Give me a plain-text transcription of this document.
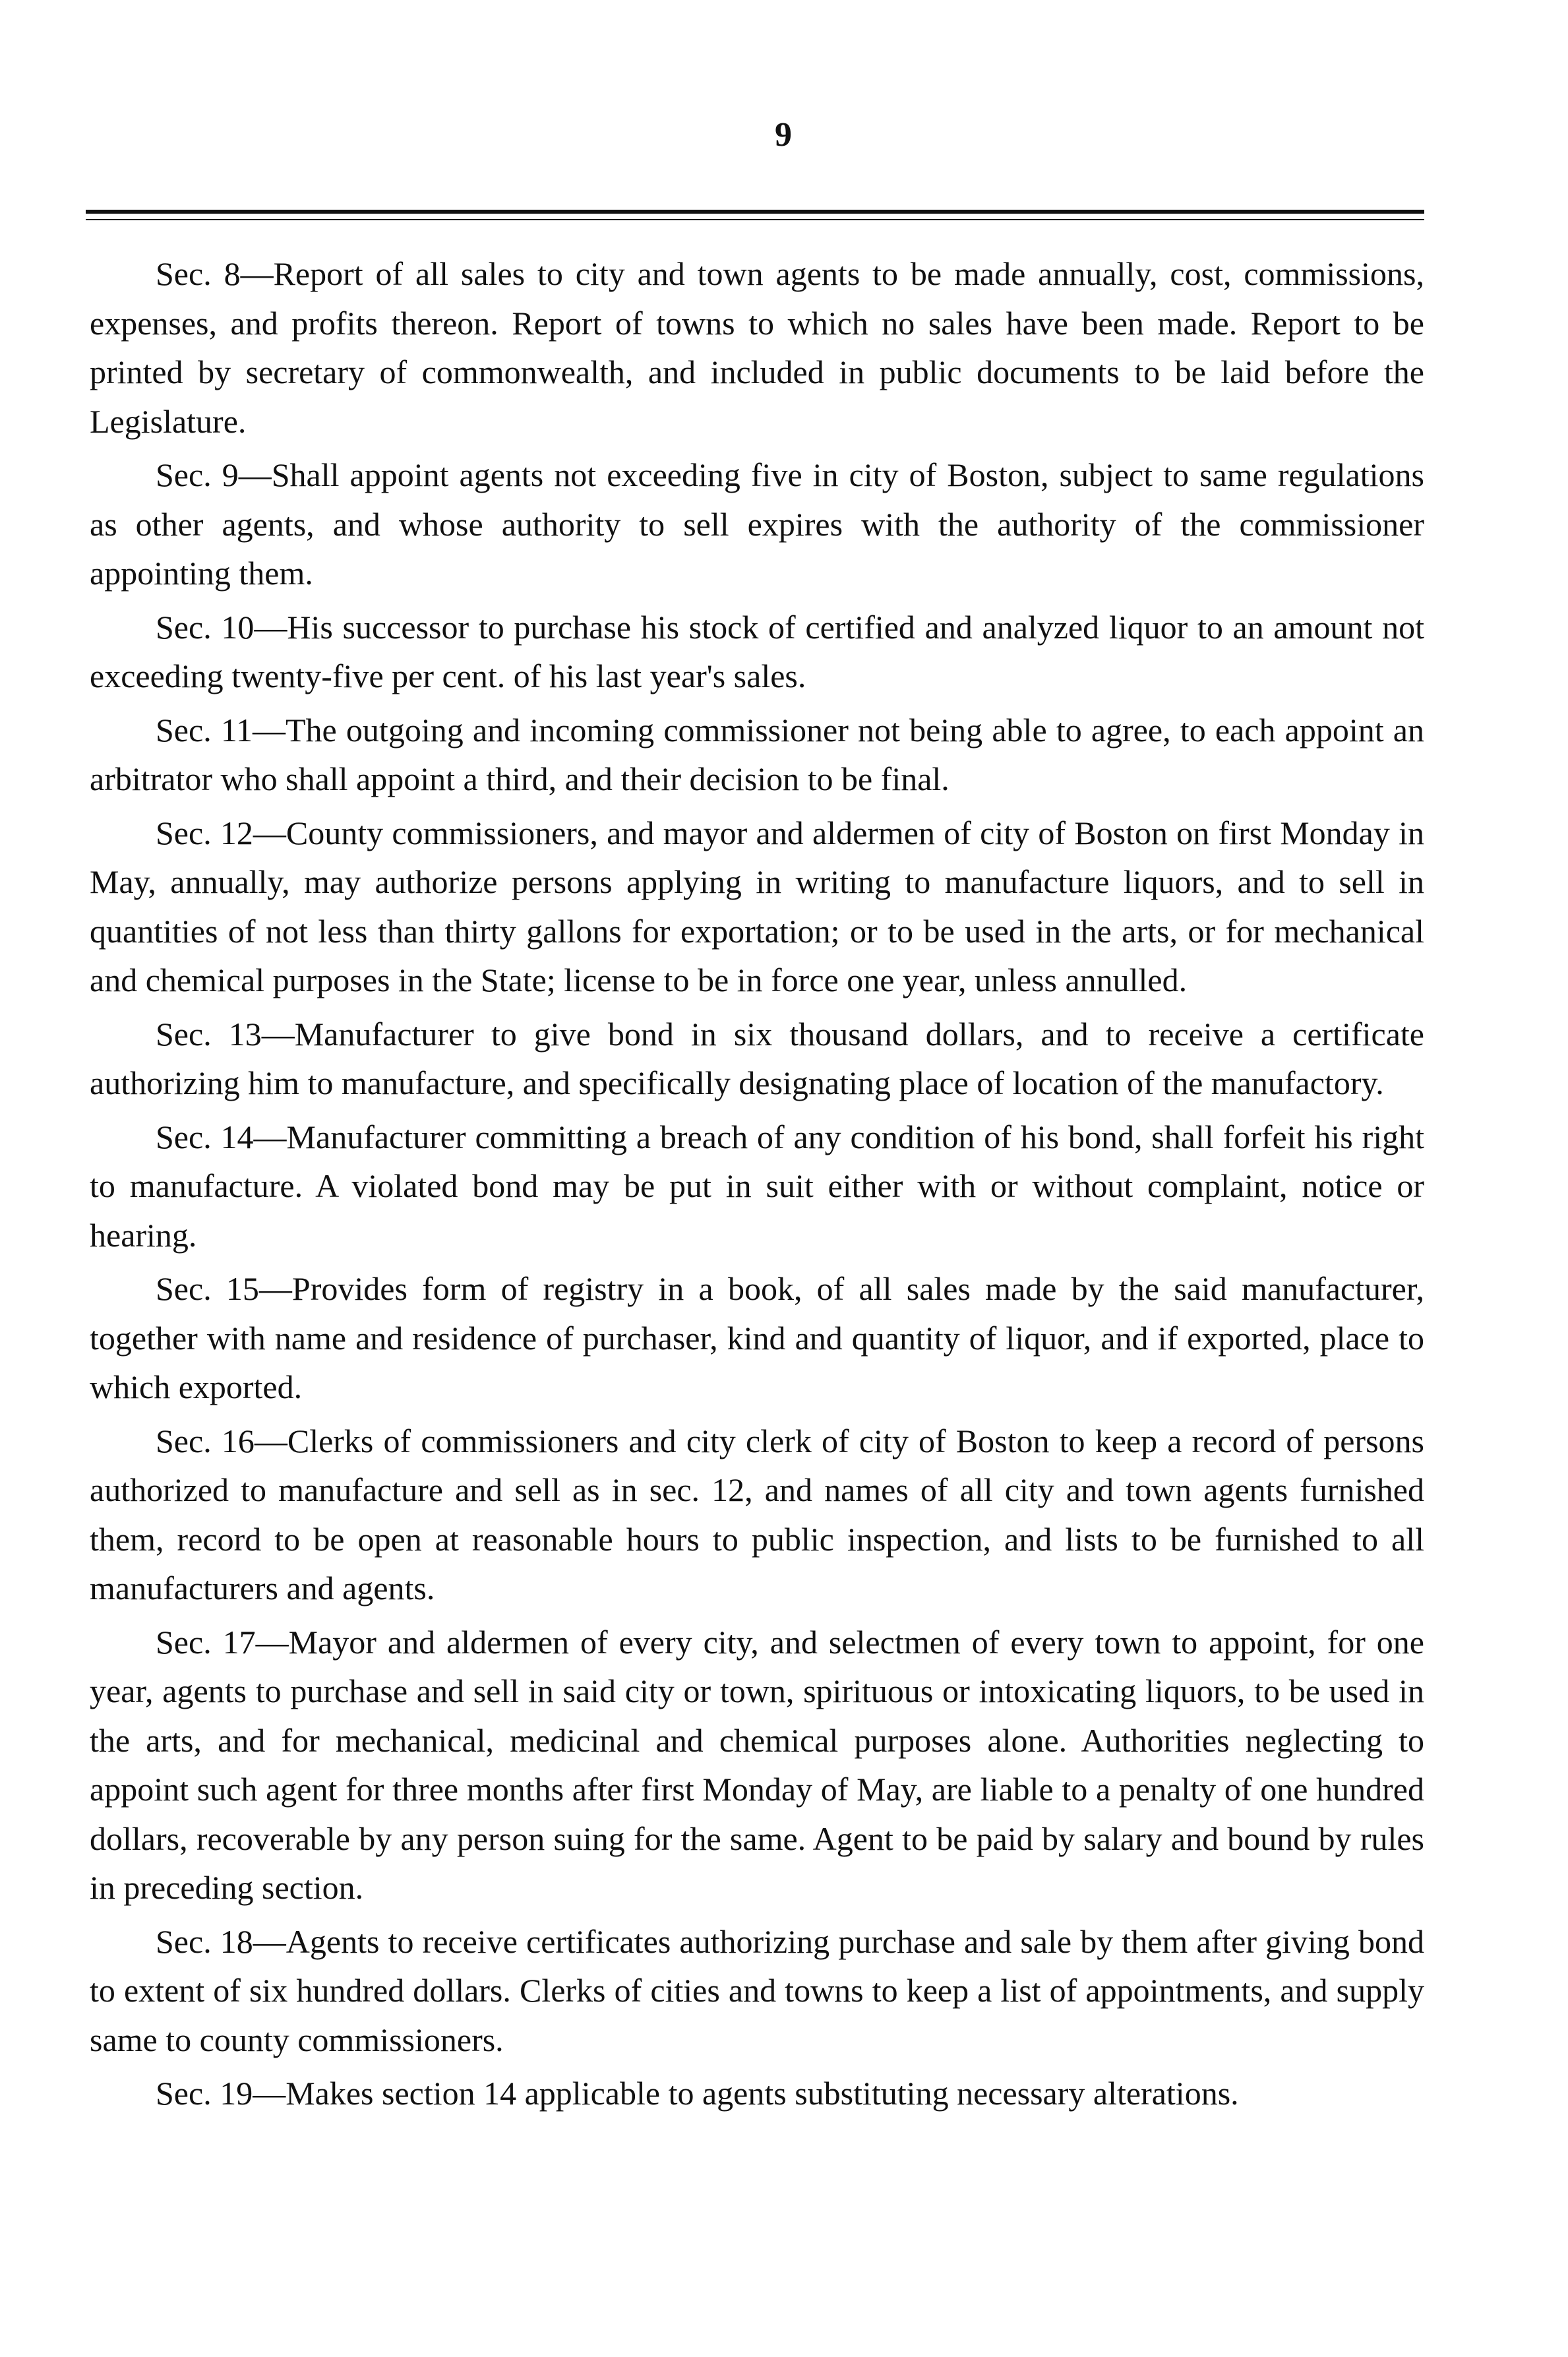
9

Sec. 8—Report of all sales to city and town agents to be made annually, cost, commissions, expenses, and profits thereon. Report of towns to which no sales have been made. Report to be printed by secretary of commonwealth, and included in public documents to be laid before the Legislature.

Sec. 9—Shall appoint agents not exceeding five in city of Boston, subject to same regulations as other agents, and whose authority to sell expires with the authority of the commissioner appointing them.

Sec. 10—His successor to purchase his stock of certified and analyzed liquor to an amount not exceeding twenty-five per cent. of his last year's sales.

Sec. 11—The outgoing and incoming commissioner not being able to agree, to each appoint an arbitrator who shall appoint a third, and their decision to be final.

Sec. 12—County commissioners, and mayor and aldermen of city of Boston on first Monday in May, annually, may authorize persons applying in writing to manufacture liquors, and to sell in quantities of not less than thirty gallons for exportation; or to be used in the arts, or for mechanical and chemical purposes in the State; license to be in force one year, unless annulled.

Sec. 13—Manufacturer to give bond in six thousand dollars, and to receive a certificate authorizing him to manufacture, and specifically designating place of location of the manufactory.

Sec. 14—Manufacturer committing a breach of any condition of his bond, shall forfeit his right to manufacture. A violated bond may be put in suit either with or without complaint, notice or hearing.

Sec. 15—Provides form of registry in a book, of all sales made by the said manufacturer, together with name and residence of purchaser, kind and quantity of liquor, and if exported, place to which exported.

Sec. 16—Clerks of commissioners and city clerk of city of Boston to keep a record of persons authorized to manufacture and sell as in sec. 12, and names of all city and town agents furnished them, record to be open at reasonable hours to public inspection, and lists to be furnished to all manufacturers and agents.

Sec. 17—Mayor and aldermen of every city, and selectmen of every town to appoint, for one year, agents to purchase and sell in said city or town, spirituous or intoxicating liquors, to be used in the arts, and for mechanical, medicinal and chemical purposes alone. Authorities neglecting to appoint such agent for three months after first Monday of May, are liable to a penalty of one hundred dollars, recoverable by any person suing for the same. Agent to be paid by salary and bound by rules in preceding section.

Sec. 18—Agents to receive certificates authorizing purchase and sale by them after giving bond to extent of six hundred dollars. Clerks of cities and towns to keep a list of appointments, and supply same to county commissioners.

Sec. 19—Makes section 14 applicable to agents substituting necessary alterations.
